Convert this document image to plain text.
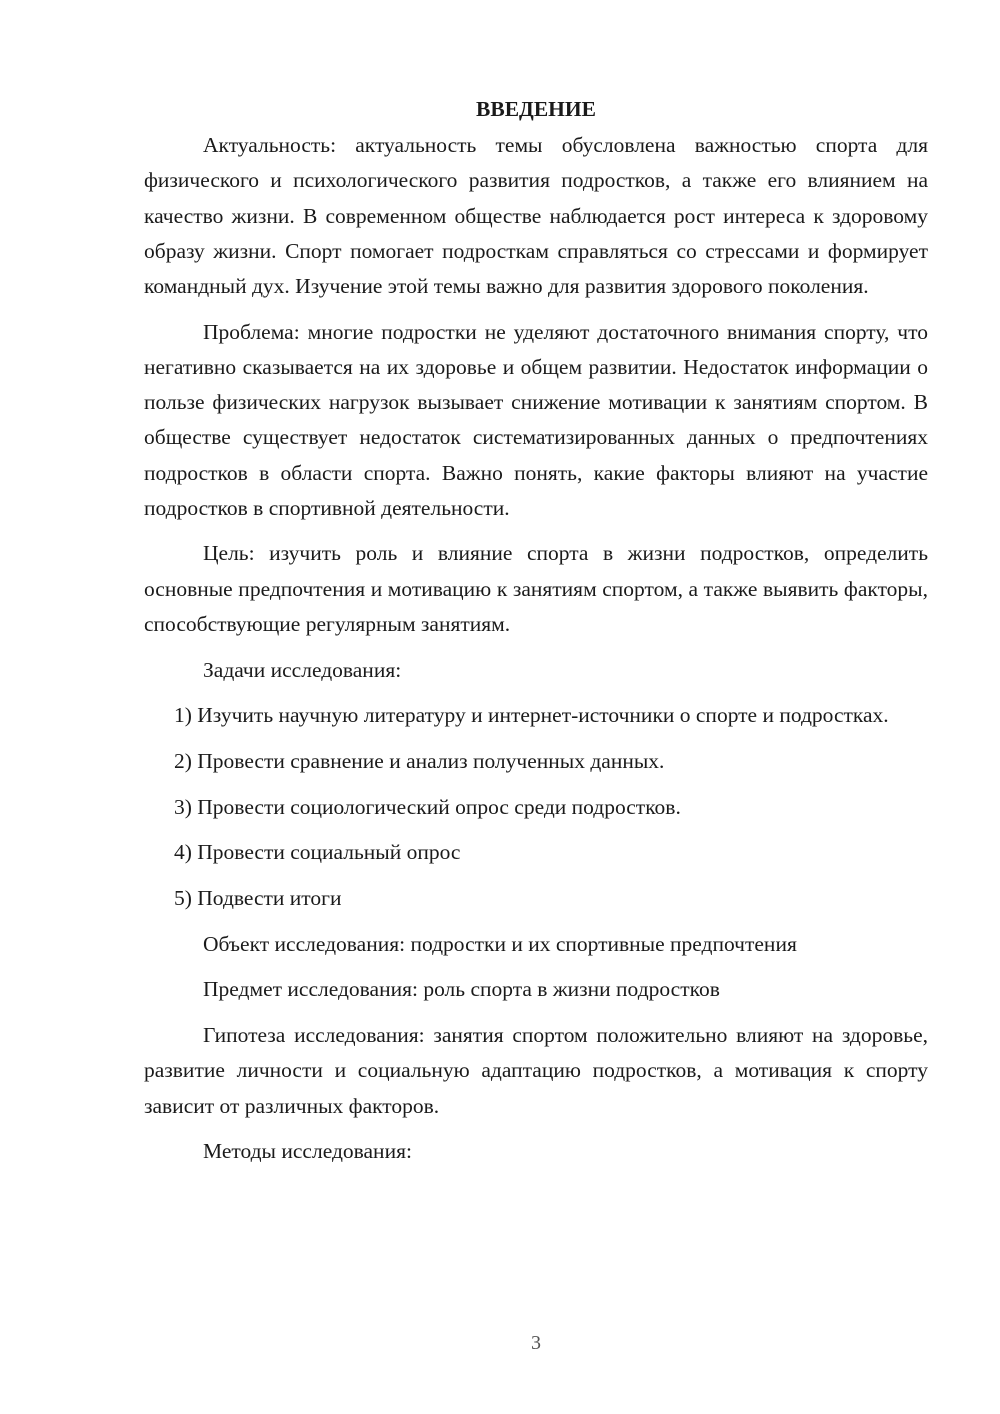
ВВЕДЕНИЕ

Актуальность: актуальность темы обусловлена важностью спорта для физического и психологического развития подростков, а также его влиянием на качество жизни. В современном обществе наблюдается рост интереса к здоровому образу жизни. Спорт помогает подросткам справляться со стрессами и формирует командный дух. Изучение этой темы важно для развития здорового поколения.

Проблема: многие подростки не уделяют достаточного внимания спорту, что негативно сказывается на их здоровье и общем развитии. Недостаток информации о пользе физических нагрузок вызывает снижение мотивации к занятиям спортом. В обществе существует недостаток систематизированных данных о предпочтениях подростков в области спорта. Важно понять, какие факторы влияют на участие подростков в спортивной деятельности.

Цель: изучить роль и влияние спорта в жизни подростков, определить основные предпочтения и мотивацию к занятиям спортом, а также выявить факторы, способствующие регулярным занятиям.

Задачи исследования:

1) Изучить научную литературу и интернет-источники о спорте и подростках.

2) Провести сравнение и анализ полученных данных.

3) Провести социологический опрос среди подростков.

4) Провести социальный опрос

5) Подвести итоги

Объект исследования: подростки и их спортивные предпочтения

Предмет исследования: роль спорта в жизни подростков

Гипотеза исследования: занятия спортом положительно влияют на здоровье, развитие личности и социальную адаптацию подростков, а мотивация к спорту зависит от различных факторов.

Методы исследования:

3
